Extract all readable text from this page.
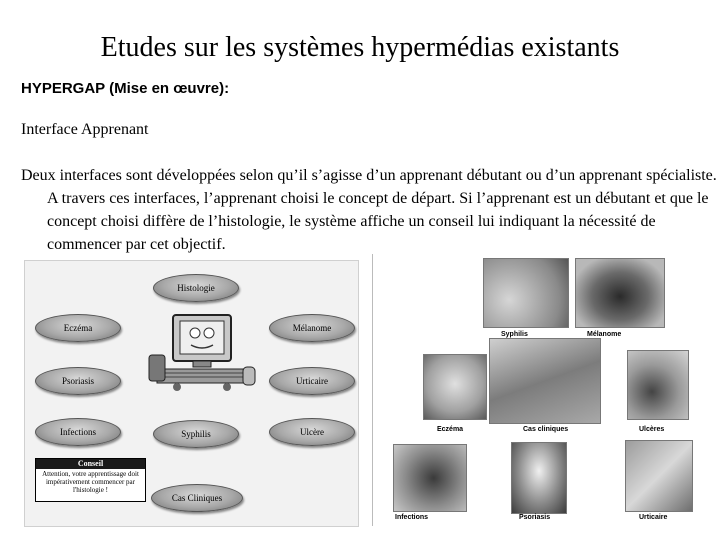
Etudes sur les systèmes hypermédias existants
HYPERGAP (Mise en œuvre):
Interface Apprenant
Deux interfaces sont développées selon qu’il s’agisse d’un apprenant débutant ou d’un apprenant spécialiste. A travers ces interfaces, l’apprenant choisi le concept de départ. Si l’apprenant est un débutant et que le concept choisi diffère de l’histologie, le système affiche un conseil lui indiquant la nécessité de commencer par cet objectif.
Histologie
Eczéma	Mélanome
Psoriasis	Urticaire
Infections	Syphilis	Ulcère
Cas Cliniques
Conseil
Attention, votre apprentissage doit impérativement commencer par l'histologie !
Syphilis	Mélanome
Eczéma	Cas cliniques	Ulcères
Infections	Psoriasis	Urticaire
